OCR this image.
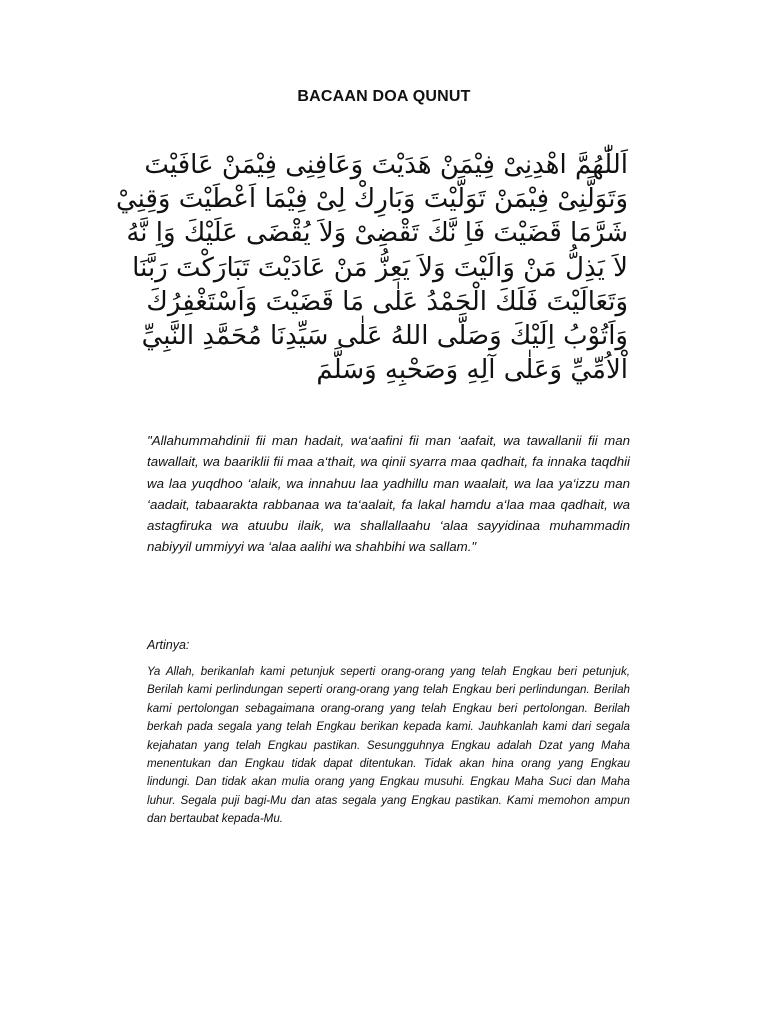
BACAAN DOA QUNUT
اَللّٰهُمَّ اهْدِنِىْ فِيْمَنْ هَدَيْتَ وَعَافِنِى فِيْمَنْ عَافَيْتَ
وَتَوَلَّنِىْ فِيْمَنْ تَوَلَّيْتَ وَبَارِكْ لِىْ فِيْمَا اَعْطَيْتَ وَقِنِيْ
شَرَّمَا قَضَيْتَ فَاِ نَّكَ تَقْضِىْ وَلاَ يُقْضَى عَلَيْكَ وَاِ نَّهُ
لاَ يَذِلُّ مَنْ وَالَيْتَ وَلاَ يَعِزُّ مَنْ عَادَيْتَ تَبَارَكْتَ رَبَّنَا
وَتَعَالَيْتَ فَلَكَ الْحَمْدُ عَلٰى مَا قَضَيْتَ وَاَسْتَغْفِرُكَ
وَاَتُوْبُ اِلَيْكَ وَصَلَّى اللهُ عَلٰى سَيِّدِنَا مُحَمَّدِ النَّبِيِّ
اْلاُمِّيِّ وَعَلٰى آلِهِ وَصَحْبِهِ وَسَلَّمَ

"Allahummahdinii fii man hadait, wa‘aafini fii man ‘aafait, wa tawallanii fii man tawallait, wa baariklii fii maa a‘thait, wa qinii syarra maa qadhait, fa innaka taqdhii wa laa yuqdhoo ‘alaik, wa innahuu laa yadhillu man waalait, wa laa ya‘izzu man ‘aadait, tabaarakta rabbanaa wa ta‘aalait, fa lakal hamdu a‘laa maa qadhait, wa astagfiruka wa atuubu ilaik, wa shallallaahu ‘alaa sayyidinaa muhammadin nabiyyil ummiyyi wa ‘alaa aalihi wa shahbihi wa sallam."

Artinya:

Ya Allah, berikanlah kami petunjuk seperti orang-orang yang telah Engkau beri petunjuk, Berilah kami perlindungan seperti orang-orang yang telah Engkau beri perlindungan. Berilah kami pertolongan sebagaimana orang-orang yang telah Engkau beri pertolongan. Berilah berkah pada segala yang telah Engkau berikan kepada kami. Jauhkanlah kami dari segala kejahatan yang telah Engkau pastikan. Sesungguhnya Engkau adalah Dzat yang Maha menentukan dan Engkau tidak dapat ditentukan. Tidak akan hina orang yang Engkau lindungi. Dan tidak akan mulia orang yang Engkau musuhi. Engkau Maha Suci dan Maha luhur. Segala puji bagi-Mu dan atas segala yang Engkau pastikan. Kami memohon ampun dan bertaubat kepada-Mu.
